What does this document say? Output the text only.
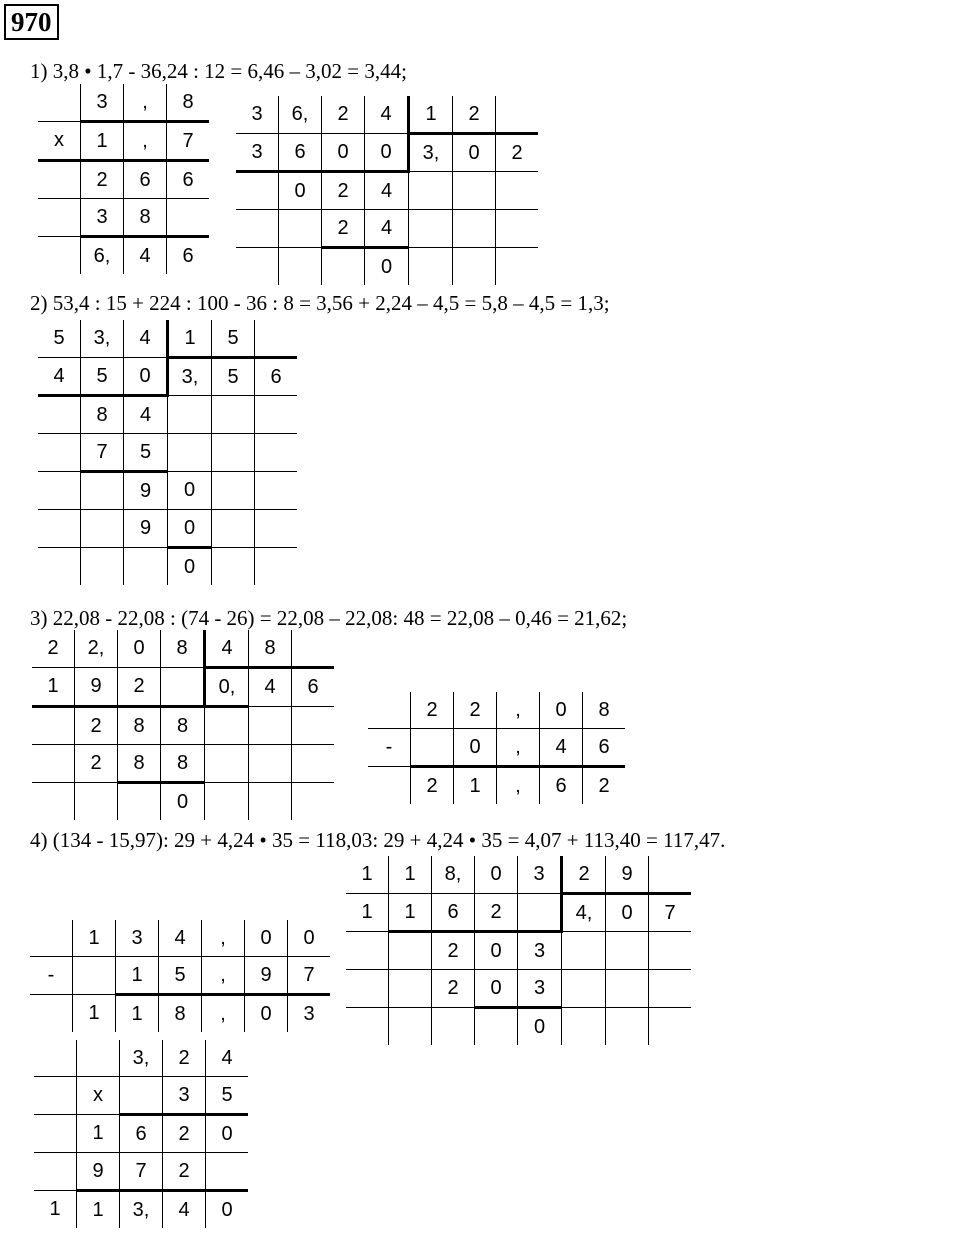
970
1) 3,8 • 1,7 - 36,24 : 12 = 6,46 – 3,02 = 3,44;
2) 53,4 : 15 + 224 : 100 - 36 : 8 = 3,56 + 2,24 – 4,5 = 5,8 – 4,5 = 1,3;
3) 22,08 - 22,08 : (74 - 26) = 22,08 – 22,08: 48 = 22,08 – 0,46 = 21,62;
4) (134 - 15,97): 29 + 4,24 • 35 = 118,03: 29 + 4,24 • 35 = 4,07 + 113,40 = 117,47.
	3	,	8
x	1	,	7
	2	6	6
	3	8	
	6,	4	6
3	6,	2	4	1	2	
3	6	0	0	3,	0	2
	0	2	4			
		2	4			
			0			
5	3,	4	1	5	
4	5	0	3,	5	6
	8	4			
	7	5			
		9	0		
		9	0		
			0		
2	2,	0	8	4	8	
1	9	2		0,	4	6
	2	8	8			
	2	8	8			
			0			
	2	2	,	0	8
-		0	,	4	6
	2	1	,	6	2
1	1	8,	0	3	2	9	
1	1	6	2		4,	0	7
		2	0	3			
		2	0	3			
				0			
	1	3	4	,	0	0
-		1	5	,	9	7
	1	1	8	,	0	3
		3,	2	4
	x		3	5
	1	6	2	0
	9	7	2	
1	1	3,	4	0
